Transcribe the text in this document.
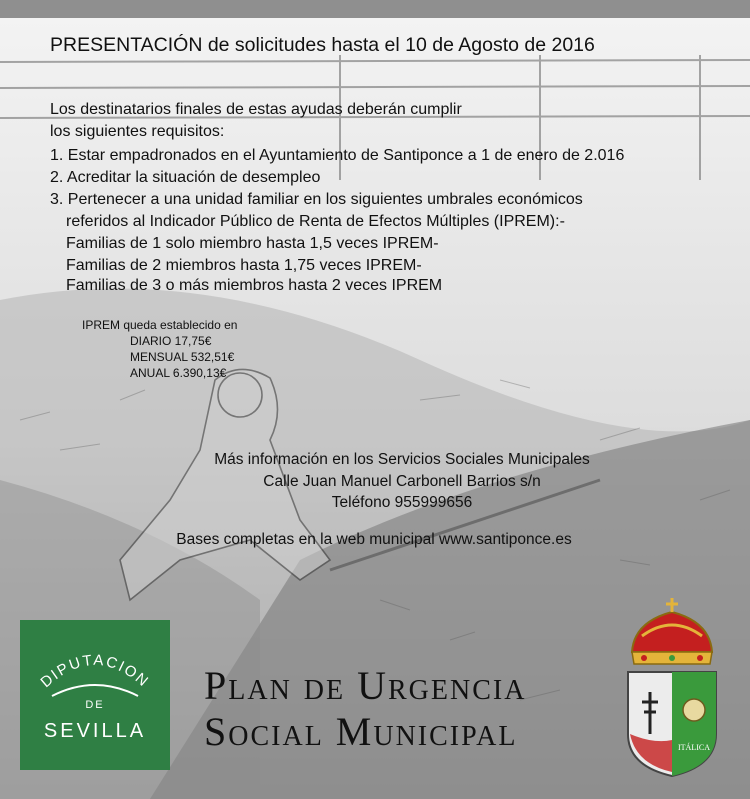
PRESENTACIÓN de solicitudes hasta el 10 de Agosto de 2016
Los destinatarios finales de estas ayudas deberán cumplir
los siguientes requisitos:
1. Estar empadronados en el Ayuntamiento de Santiponce a 1 de enero de 2.016
2. Acreditar la situación de desempleo
3. Pertenecer a una unidad familiar en los siguientes umbrales económicos
referidos al Indicador Público de Renta de Efectos Múltiples (IPREM):-
Familias de 1 solo miembro hasta 1,5 veces IPREM-
Familias de 2 miembros hasta 1,75 veces IPREM-
Familias de 3 o más miembros hasta 2 veces IPREM
IPREM queda establecido en
DIARIO 17,75€
MENSUAL 532,51€
ANUAL 6.390,13€
Más información en los Servicios Sociales Municipales
Calle Juan Manuel Carbonell Barrios s/n
Teléfono 955999656
Bases completas en la web municipal www.santiponce.es
DIPUTACION
DE
SEVILLA
Plan de Urgencia
Social Municipal	ITÁLICA
